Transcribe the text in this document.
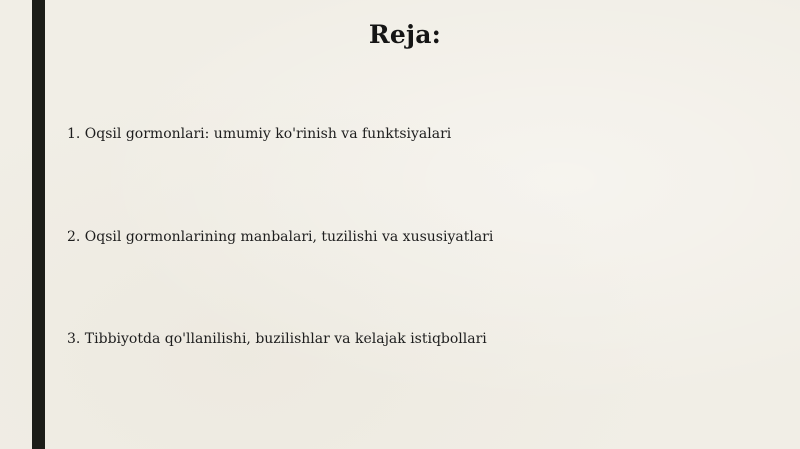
Reja:
1. Oqsil gormonlari: umumiy ko'rinish va funktsiyalari
2. Oqsil gormonlarining manbalari, tuzilishi va xususiyatlari
3. Tibbiyotda qo'llanilishi, buzilishlar va kelajak istiqbollari
